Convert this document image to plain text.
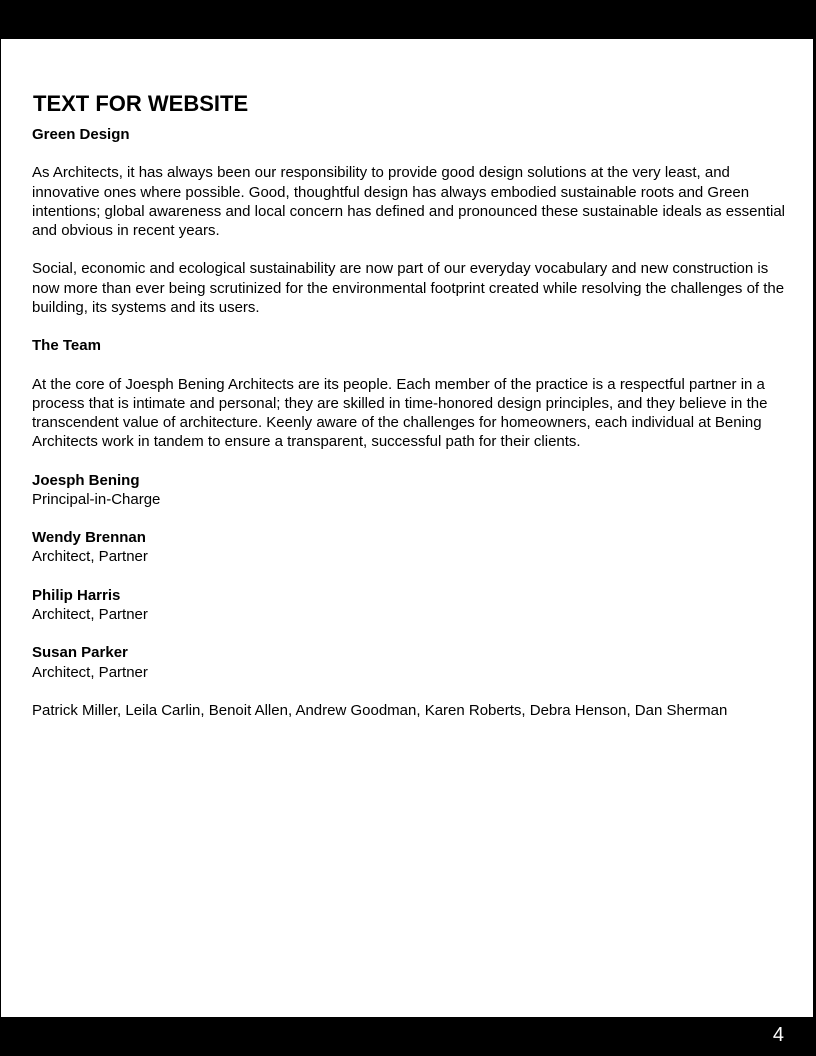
TEXT FOR WEBSITE
Green Design
As Architects, it has always been our responsibility to provide good design solutions at the very least, and innovative ones where possible. Good, thoughtful design has always embodied sustainable roots and Green intentions; global awareness and local concern has defined and pronounced these sustainable ideals as essential and obvious in recent years.
Social, economic and ecological sustainability are now part of our everyday vocabulary and new construction is now more than ever being scrutinized for the environmental footprint created while resolving the challenges of the building, its systems and its users.
The Team
At the core of Joesph Bening Architects are its people. Each member of the practice is a respectful partner in a process that is intimate and personal; they are skilled in time-honored design principles, and they believe in the transcendent value of architecture. Keenly aware of the challenges for homeowners, each individual at Bening Architects work in tandem to ensure a transparent, successful path for their clients.
Joesph Bening
Principal-in-Charge
Wendy Brennan
Architect, Partner
Philip Harris
Architect, Partner
Susan Parker
Architect, Partner
Patrick Miller, Leila Carlin, Benoit Allen, Andrew Goodman, Karen Roberts, Debra Henson, Dan Sherman
4
